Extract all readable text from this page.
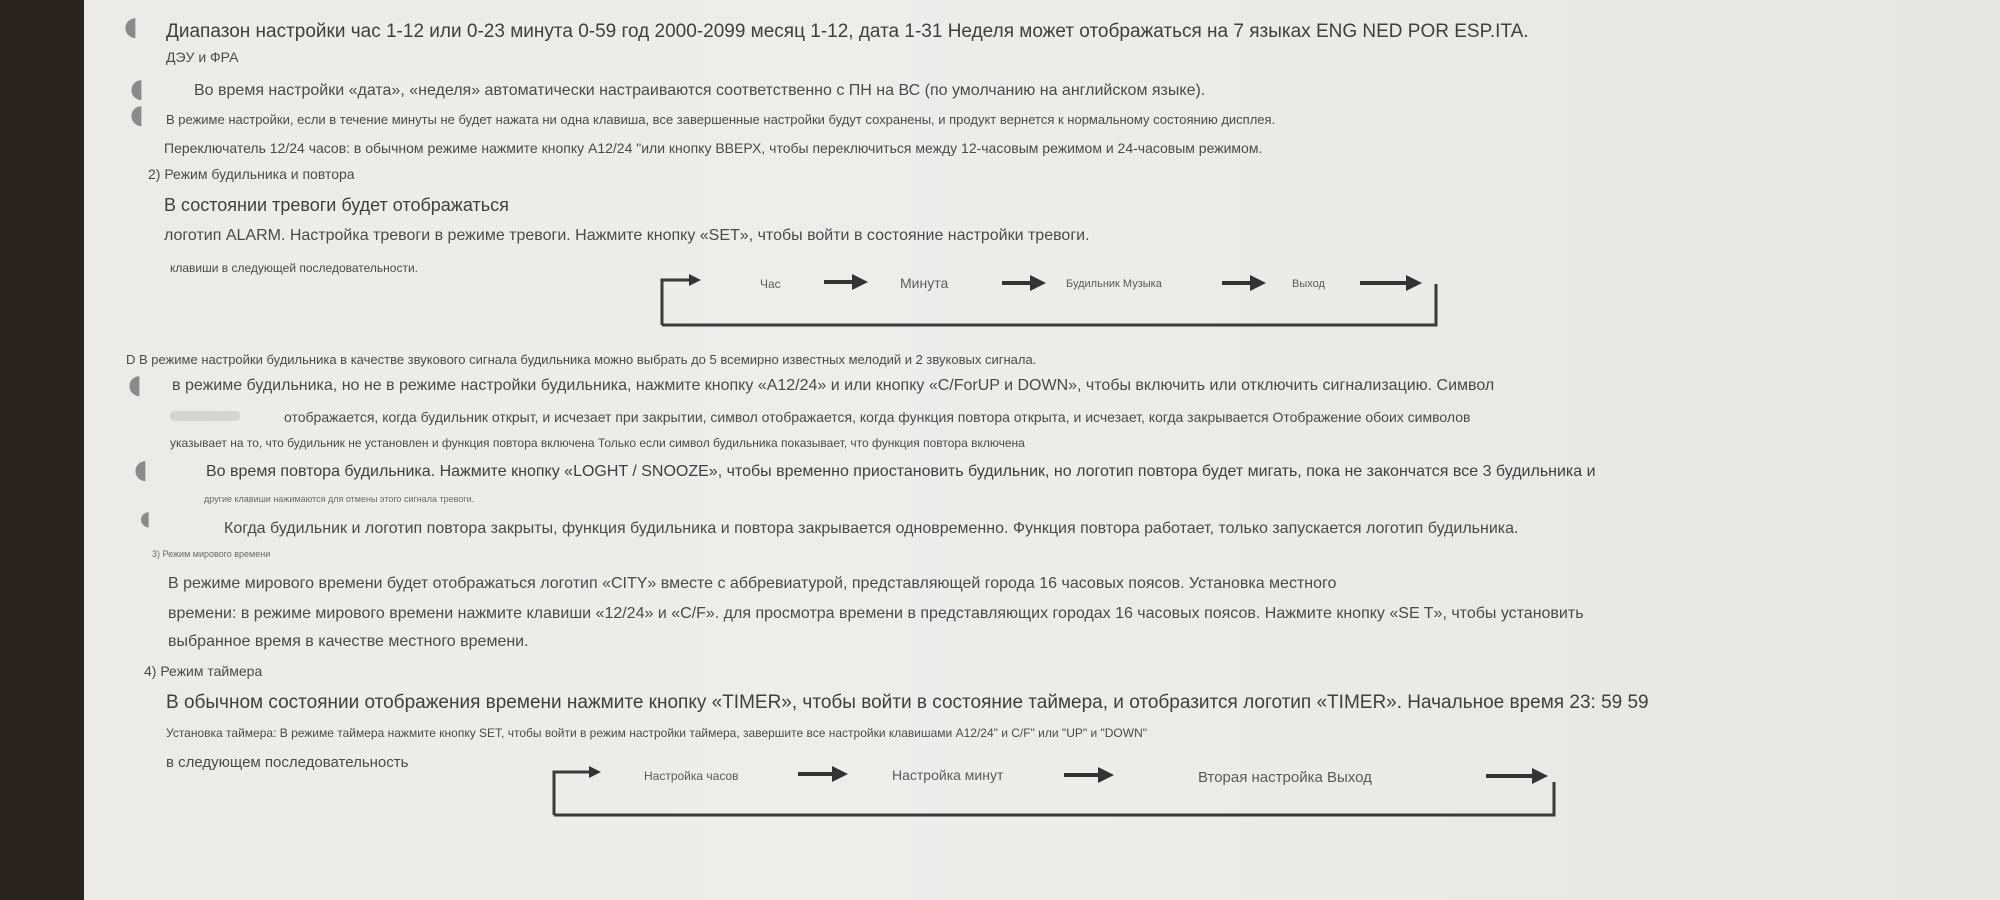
◖ Диапазон настройки час 1-12 или 0-23 минута 0-59 год 2000-2099 месяц 1-12, дата 1-31 Неделя может отображаться на 7 языках ENG NED POR ESP.ITA.

ДЭУ и ФРА

◖	Во время настройки «дата», «неделя» автоматически настраиваются соответственно с ПН на ВС (по умолчанию на английском языке).

◖ В режиме настройки, если в течение минуты не будет нажата ни одна клавиша, все завершенные настройки будут сохранены, и продукт вернется к нормальному состоянию дисплея.

Переключатель 12/24 часов: в обычном режиме нажмите кнопку A12/24 "или кнопку ВВЕРХ, чтобы переключиться между 12-часовым режимом и 24-часовым режимом.

2) Режим будильника и повтора

В состоянии тревоги будет отображаться

логотип ALARM. Настройка тревоги в режиме тревоги. Нажмите кнопку «SET», чтобы войти в состояние настройки тревоги.

клавиши в следующей последовательности.

Час	Минута	Будильник Музыка	Выход

D В режиме настройки будильника в качестве звукового сигнала будильника можно выбрать до 5 всемирно известных мелодий и 2 звуковых сигнала.

◖ в режиме будильника, но не в режиме настройки будильника, нажмите кнопку «A12/24» и или кнопку «C/ForUP и DOWN», чтобы включить или отключить сигнализацию. Символ

отображается, когда будильник открыт, и исчезает при закрытии, символ отображается, когда функция повтора открыта, и исчезает, когда закрывается Отображение обоих символов

указывает на то, что будильник не установлен и функция повтора включена Только если символ будильника показывает, что функция повтора включена

◖	Во время повтора будильника. Нажмите кнопку «LOGHT / SNOOZE», чтобы временно приостановить будильник, но логотип повтора будет мигать, пока не закончатся все 3 будильника и

другие клавиши нажимаются для отмены этого сигнала тревоги.

◖	Когда будильник и логотип повтора закрыты, функция будильника и повтора закрывается одновременно. Функция повтора работает, только запускается логотип будильника.

3) Режим мирового времени

В режиме мирового времени будет отображаться логотип «CITY» вместе с аббревиатурой, представляющей города 16 часовых поясов. Установка местного

времени: в режиме мирового времени нажмите клавиши «12/24» и «C/F». для просмотра времени в представляющих городах 16 часовых поясов. Нажмите кнопку «SE T», чтобы установить

выбранное время в качестве местного времени.

4) Режим таймера

В обычном состоянии отображения времени нажмите кнопку «TIMER», чтобы войти в состояние таймера, и отобразится логотип «TIMER». Начальное время 23: 59 59

Установка таймера: В режиме таймера нажмите кнопку SET, чтобы войти в режим настройки таймера, завершите все настройки клавишами A12/24" и C/F" или "UP" и "DOWN"

в следующем последовательность

Настройка часов	Настройка минут	Вторая настройка Выход
